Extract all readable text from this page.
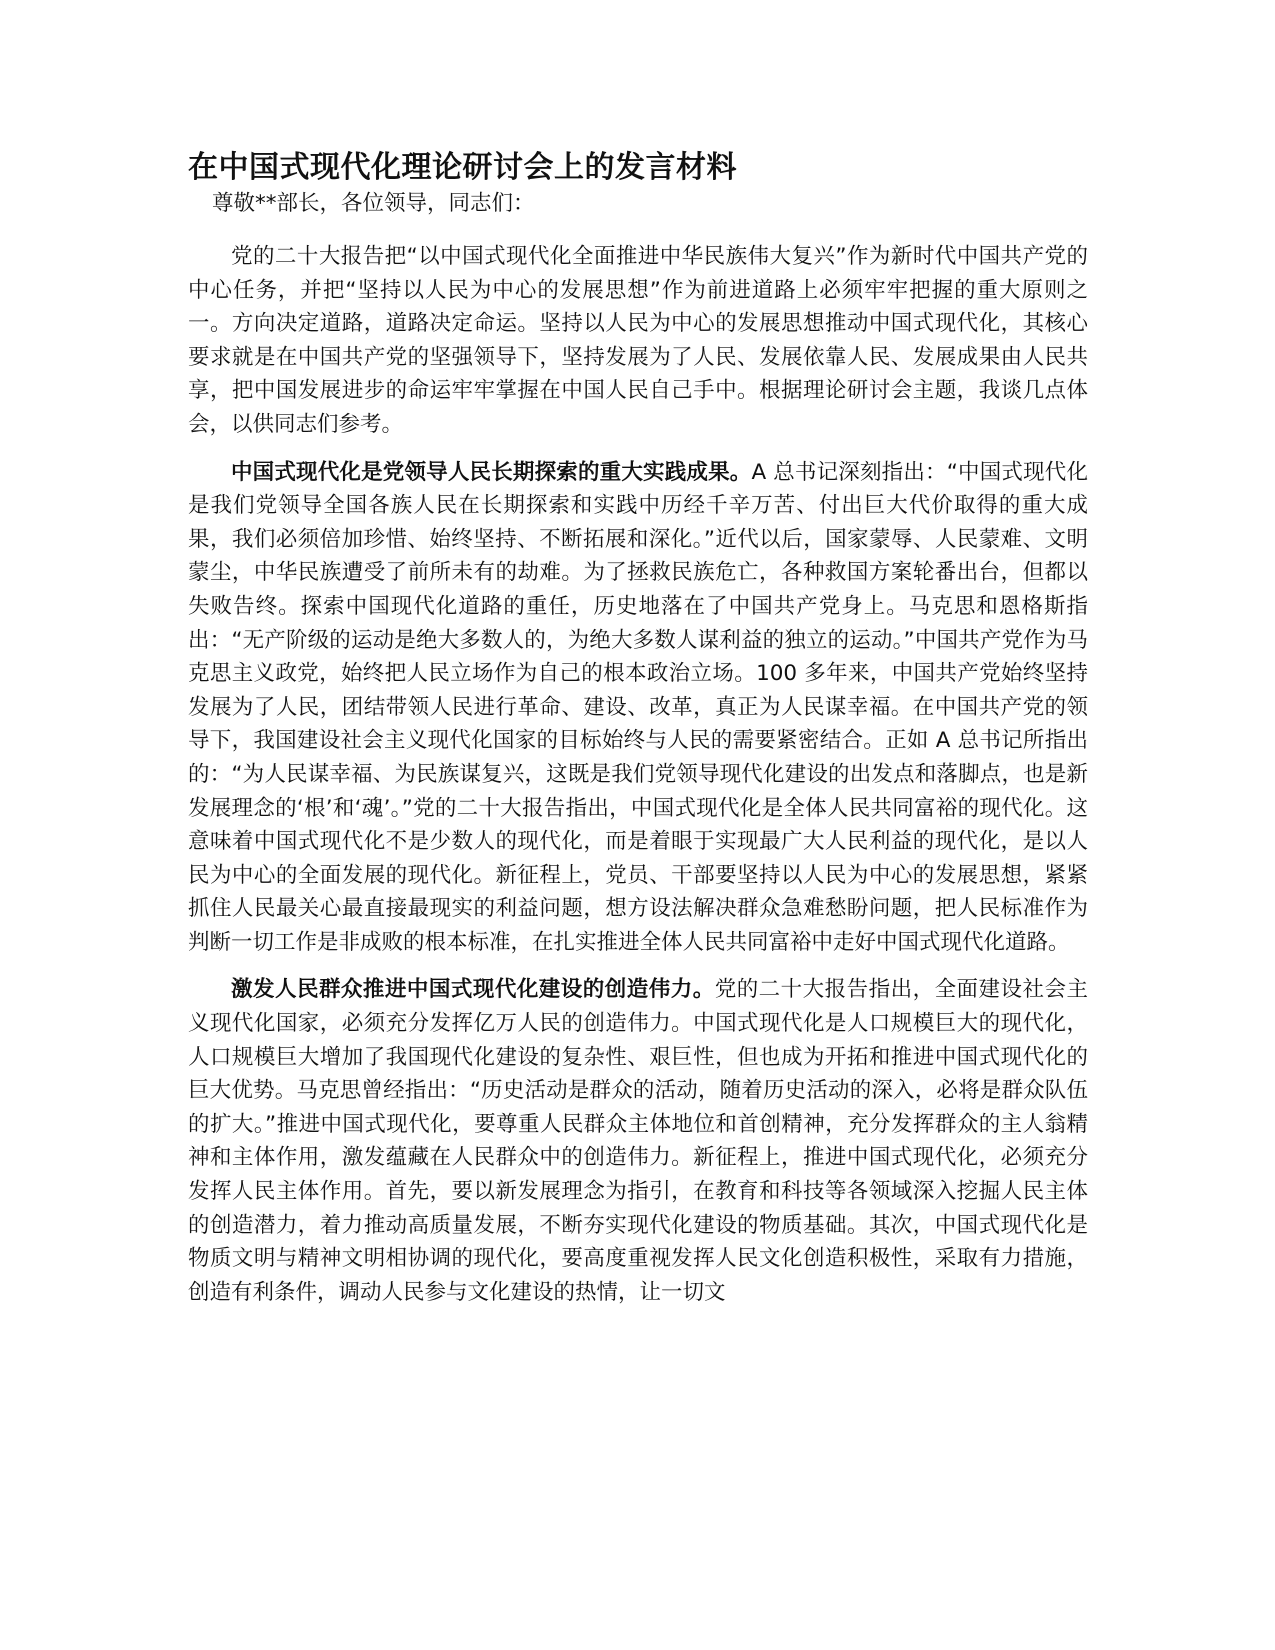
在中国式现代化理论研讨会上的发言材料

尊敬**部长，各位领导，同志们：

党的二十大报告把“以中国式现代化全面推进中华民族伟大复兴”作为新时代中国共产党的中心任务，并把“坚持以人民为中心的发展思想”作为前进道路上必须牢牢把握的重大原则之一。方向决定道路，道路决定命运。坚持以人民为中心的发展思想推动中国式现代化，其核心要求就是在中国共产党的坚强领导下，坚持发展为了人民、发展依靠人民、发展成果由人民共享，把中国发展进步的命运牢牢掌握在中国人民自己手中。根据理论研讨会主题，我谈几点体会，以供同志们参考。

中国式现代化是党领导人民长期探索的重大实践成果。A 总书记深刻指出：“中国式现代化是我们党领导全国各族人民在长期探索和实践中历经千辛万苦、付出巨大代价取得的重大成果，我们必须倍加珍惜、始终坚持、不断拓展和深化。”近代以后，国家蒙辱、人民蒙难、文明蒙尘，中华民族遭受了前所未有的劫难。为了拯救民族危亡，各种救国方案轮番出台，但都以失败告终。探索中国现代化道路的重任，历史地落在了中国共产党身上。马克思和恩格斯指出：“无产阶级的运动是绝大多数人的，为绝大多数人谋利益的独立的运动。”中国共产党作为马克思主义政党，始终把人民立场作为自己的根本政治立场。100 多年来，中国共产党始终坚持发展为了人民，团结带领人民进行革命、建设、改革，真正为人民谋幸福。在中国共产党的领导下，我国建设社会主义现代化国家的目标始终与人民的需要紧密结合。正如 A 总书记所指出的：“为人民谋幸福、为民族谋复兴，这既是我们党领导现代化建设的出发点和落脚点，也是新发展理念的‘根’和‘魂’。”党的二十大报告指出，中国式现代化是全体人民共同富裕的现代化。这意味着中国式现代化不是少数人的现代化，而是着眼于实现最广大人民利益的现代化，是以人民为中心的全面发展的现代化。新征程上，党员、干部要坚持以人民为中心的发展思想，紧紧抓住人民最关心最直接最现实的利益问题，想方设法解决群众急难愁盼问题，把人民标准作为判断一切工作是非成败的根本标准，在扎实推进全体人民共同富裕中走好中国式现代化道路。

激发人民群众推进中国式现代化建设的创造伟力。党的二十大报告指出，全面建设社会主义现代化国家，必须充分发挥亿万人民的创造伟力。中国式现代化是人口规模巨大的现代化，人口规模巨大增加了我国现代化建设的复杂性、艰巨性，但也成为开拓和推进中国式现代化的巨大优势。马克思曾经指出：“历史活动是群众的活动，随着历史活动的深入，必将是群众队伍的扩大。”推进中国式现代化，要尊重人民群众主体地位和首创精神，充分发挥群众的主人翁精神和主体作用，激发蕴藏在人民群众中的创造伟力。新征程上，推进中国式现代化，必须充分发挥人民主体作用。首先，要以新发展理念为指引，在教育和科技等各领域深入挖掘人民主体的创造潜力，着力推动高质量发展，不断夯实现代化建设的物质基础。其次，中国式现代化是物质文明与精神文明相协调的现代化，要高度重视发挥人民文化创造积极性，采取有力措施，创造有利条件，调动人民参与文化建设的热情，让一切文
